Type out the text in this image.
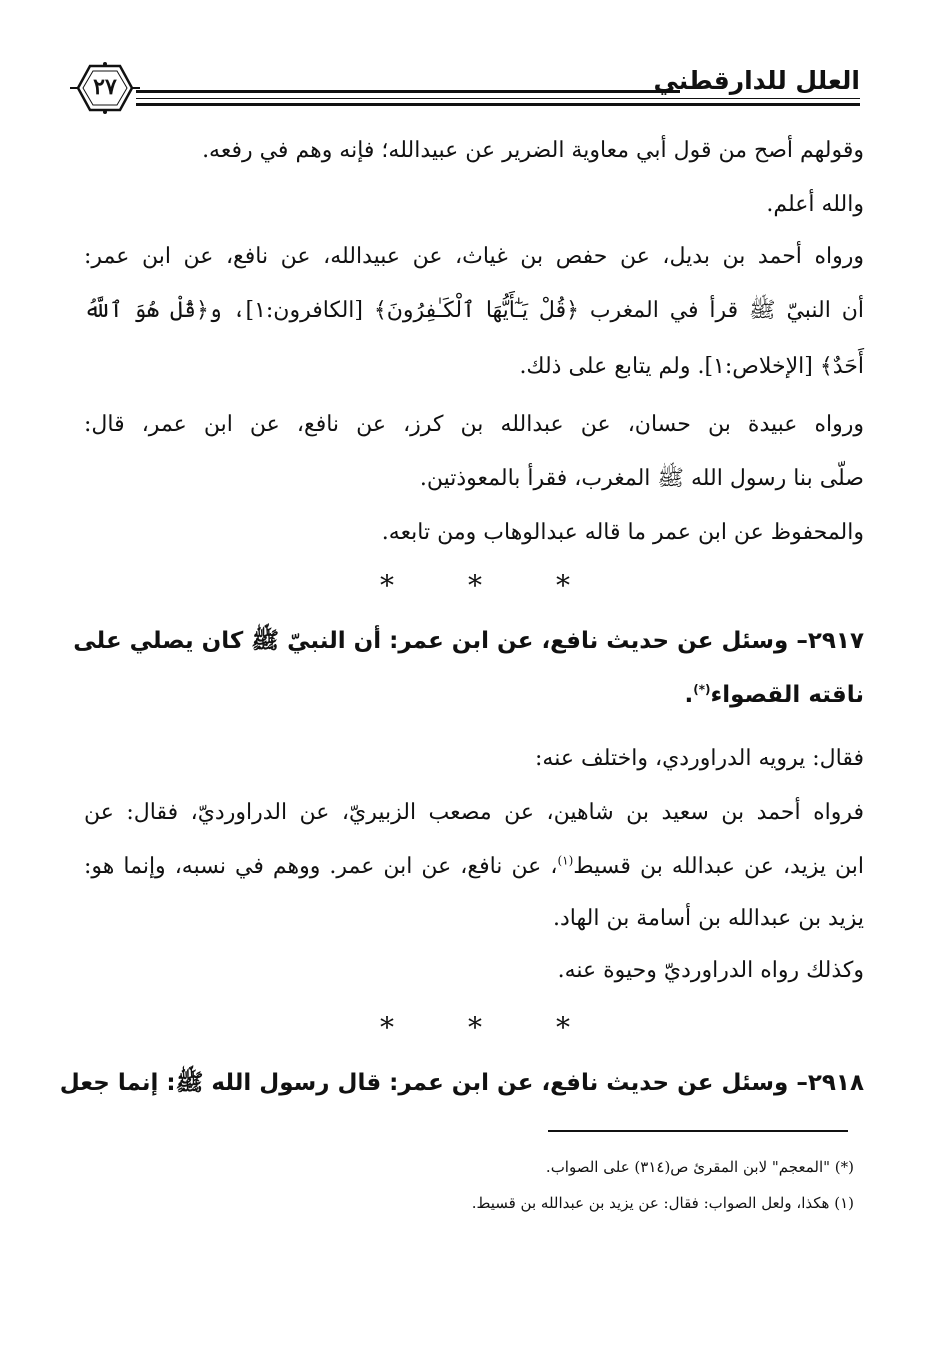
٢٧	العلل للدارقطني
وقولهم أصح من قول أبي معاوية الضرير عن عبيدالله؛ فإنه وهم في رفعه.
والله أعلم.
ورواه أحمد بن بديل، عن حفص بن غياث، عن عبيدالله، عن نافع، عن ابن عمر:
أن النبيّ ﷺ قرأ في المغرب ﴿قُلْ يَـٰٓأَيُّهَا ٱلْكَـٰفِرُونَ﴾ [الكافرون:١]، و﴿قُلْ هُوَ ٱللَّهُ
أَحَدٌ﴾ [الإخلاص:١]. ولم يتابع على ذلك.
ورواه عبيدة بن حسان، عن عبدالله بن كرز، عن نافع، عن ابن عمر، قال:
صلّى بنا رسول الله ﷺ المغرب، فقرأ بالمعوذتين.
والمحفوظ عن ابن عمر ما قاله عبدالوهاب ومن تابعه.
*	*	*
٢٩١٧– وسئل عن حديث نافع، عن ابن عمر: أن النبيّ ﷺ كان يصلي على
ناقته القصواء(*).
فقال: يرويه الدراوردي، واختلف عنه:
فرواه أحمد بن سعيد بن شاهين، عن مصعب الزبيريّ، عن الدراورديّ، فقال: عن
ابن يزيد، عن عبدالله بن قسيط$^{(١)}$، عن نافع، عن ابن عمر. ووهم في نسبه، وإنما هو:
يزيد بن عبدالله بن أسامة بن الهاد.
وكذلك رواه الدراورديّ وحيوة عنه.
*	*	*
٢٩١٨– وسئل عن حديث نافع، عن ابن عمر: قال رسول الله ﷺ: إنما جعل
(*) "المعجم" لابن المقرئ ص(٣١٤) على الصواب.
(١) هكذا، ولعل الصواب: فقال: عن يزيد بن عبدالله بن قسيط.
